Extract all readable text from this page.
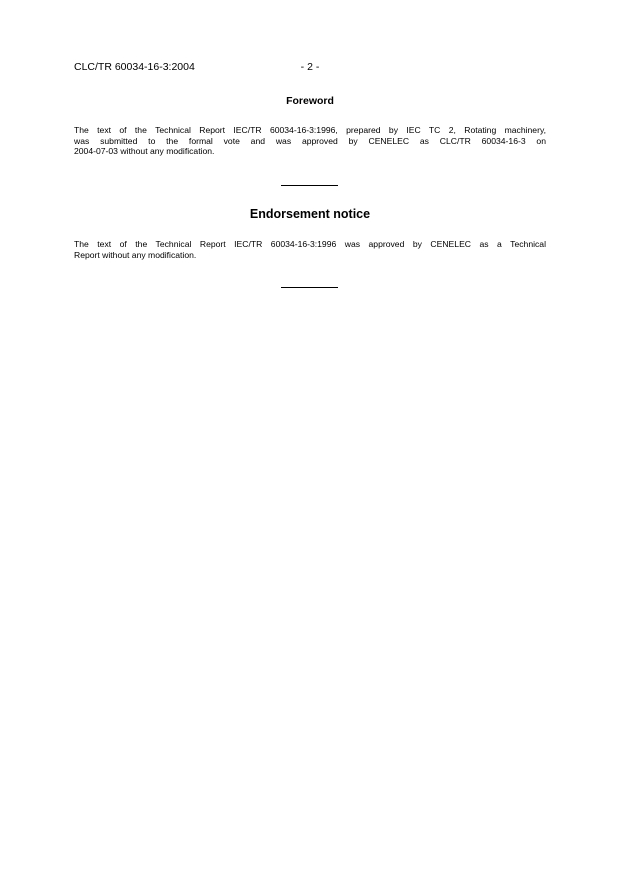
CLC/TR 60034-16-3:2004	- 2 -
Foreword
The text of the Technical Report IEC/TR 60034-16-3:1996, prepared by IEC TC 2, Rotating machinery,
was submitted to the formal vote and was approved by CENELEC as CLC/TR 60034-16-3 on
2004-07-03 without any modification.
Endorsement notice
The text of the Technical Report IEC/TR 60034-16-3:1996 was approved by CENELEC as a Technical
Report without any modification.
